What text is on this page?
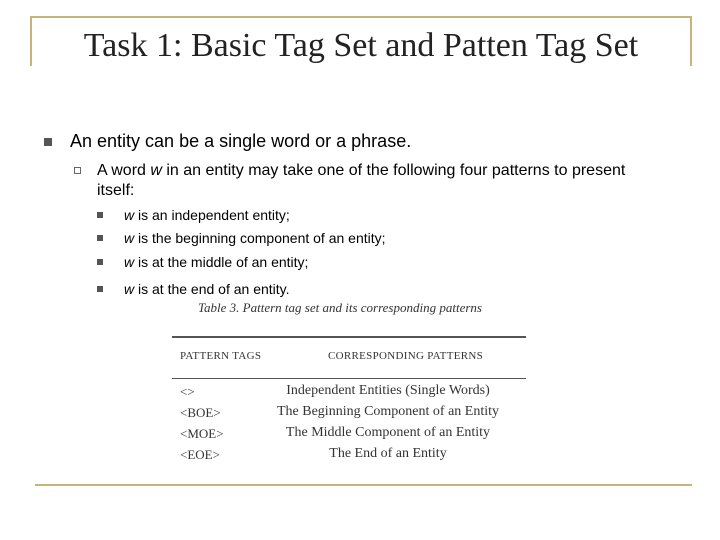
Task 1: Basic Tag Set and Patten Tag Set
An entity can be a single word or a phrase.
A word w in an entity may take one of the following four patterns to present itself:
w is an independent entity;
w is the beginning component of an entity;
w is at the middle of an entity;
w is at the end of an entity.
Table 3. Pattern tag set and its corresponding patterns
PATTERN TAGS	CORRESPONDING PATTERNS
<>	Independent Entities (Single Words)
<BOE>	The Beginning Component of an Entity
<MOE>	The Middle Component of an Entity
<EOE>	The End of an Entity
